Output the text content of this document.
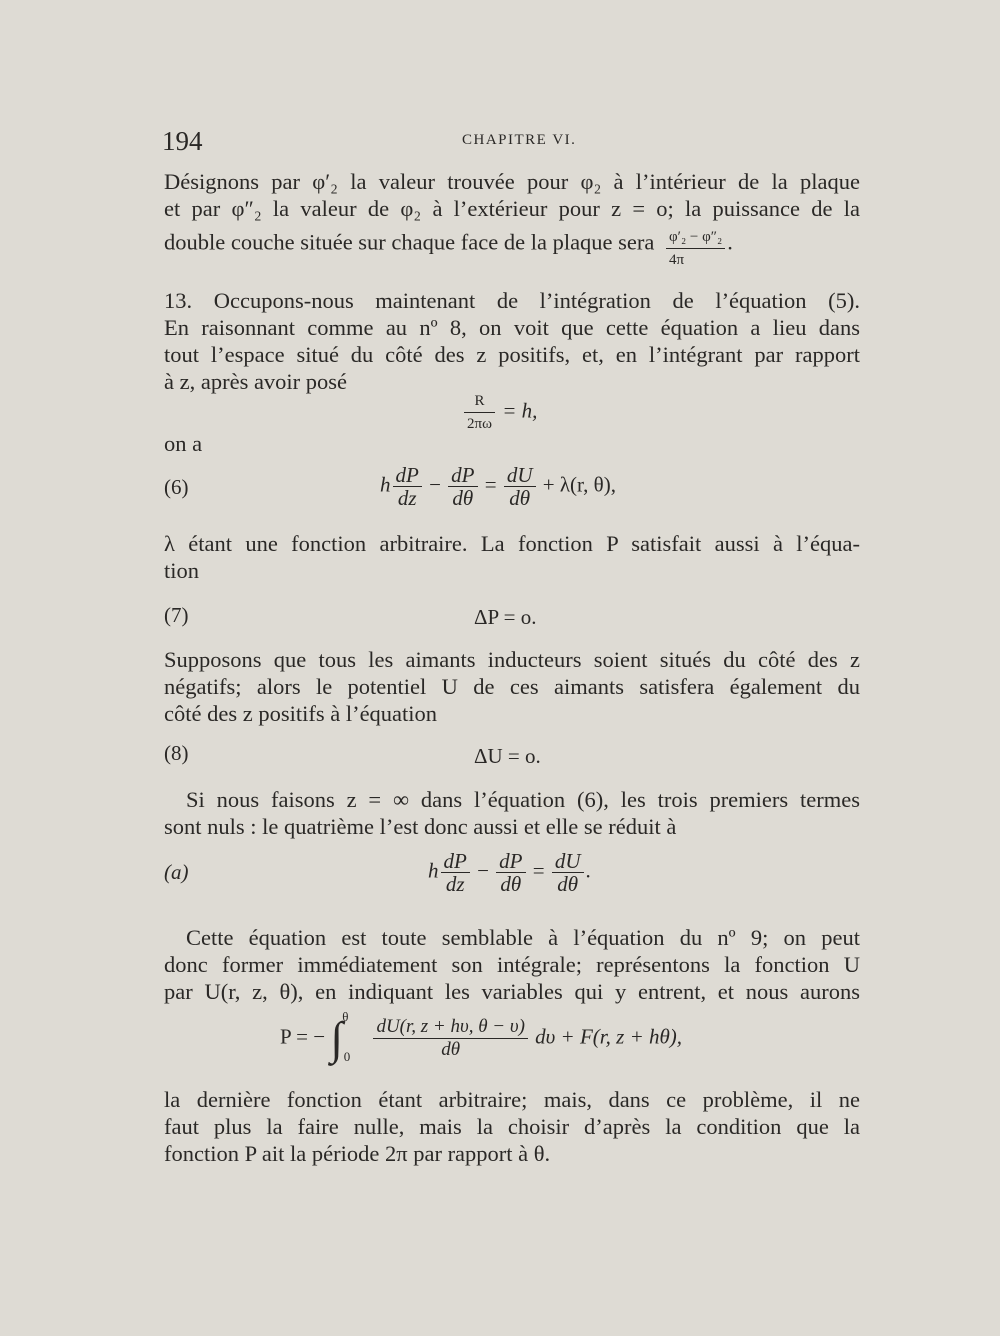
194	CHAPITRE VI.
Désignons par φ′₂ la valeur trouvée pour φ₂ à l’intérieur de la plaque
et par φ″₂ la valeur de φ₂ à l’extérieur pour z = o; la puissance de la
double couche située sur chaque face de la plaque sera $\frac{\text{φ′₂ − φ″₂}}{4\pi}$ .
13. Occupons-nous maintenant de l’intégration de l’équation (5).
En raisonnant comme au nº 8, on voit que cette équation a lieu dans
tout l’espace situé du côté des z positifs, et, en l’intégrant par rapport
à z, après avoir posé
$\frac{R}{2\pi\omega} = h$,
on a
(6)	h $\frac{dP}{dz} - \frac{dP}{d\theta} = \frac{dU}{d\theta} + \lambda(r$, θ),
λ étant une fonction arbitraire. La fonction P satisfait aussi à l’équa-
tion
(7)	ΔP = o.
Supposons que tous les aimants inducteurs soient situés du côté des z
négatifs; alors le potentiel U de ces aimants satisfera également du
côté des z positifs à l’équation
(8)	ΔU = o.
Si nous faisons z = ∞ dans l’équation (6), les trois premiers termes
sont nuls : le quatrième l’est donc aussi et elle se réduit à
(a)	h $\frac{dP}{dz} - \frac{dP}{d\theta} = \frac{dU}{d\theta}$ .
Cette équation est toute semblable à l’équation du nº 9; on peut
donc former immédiatement son intégrale; représentons la fonction U
par U(r, z, θ), en indiquant les variables qui y entrent, et nous aurons
P = − ∫ $^\theta$ $_0 \frac{dU(r, z + h\upsilon, \theta - \upsilon)}{d\theta}$ dυ + F(r, z + hθ),
la dernière fonction étant arbitraire; mais, dans ce problème, il ne
faut plus la faire nulle, mais la choisir d’après la condition que la
fonction P ait la période 2π par rapport à θ.
